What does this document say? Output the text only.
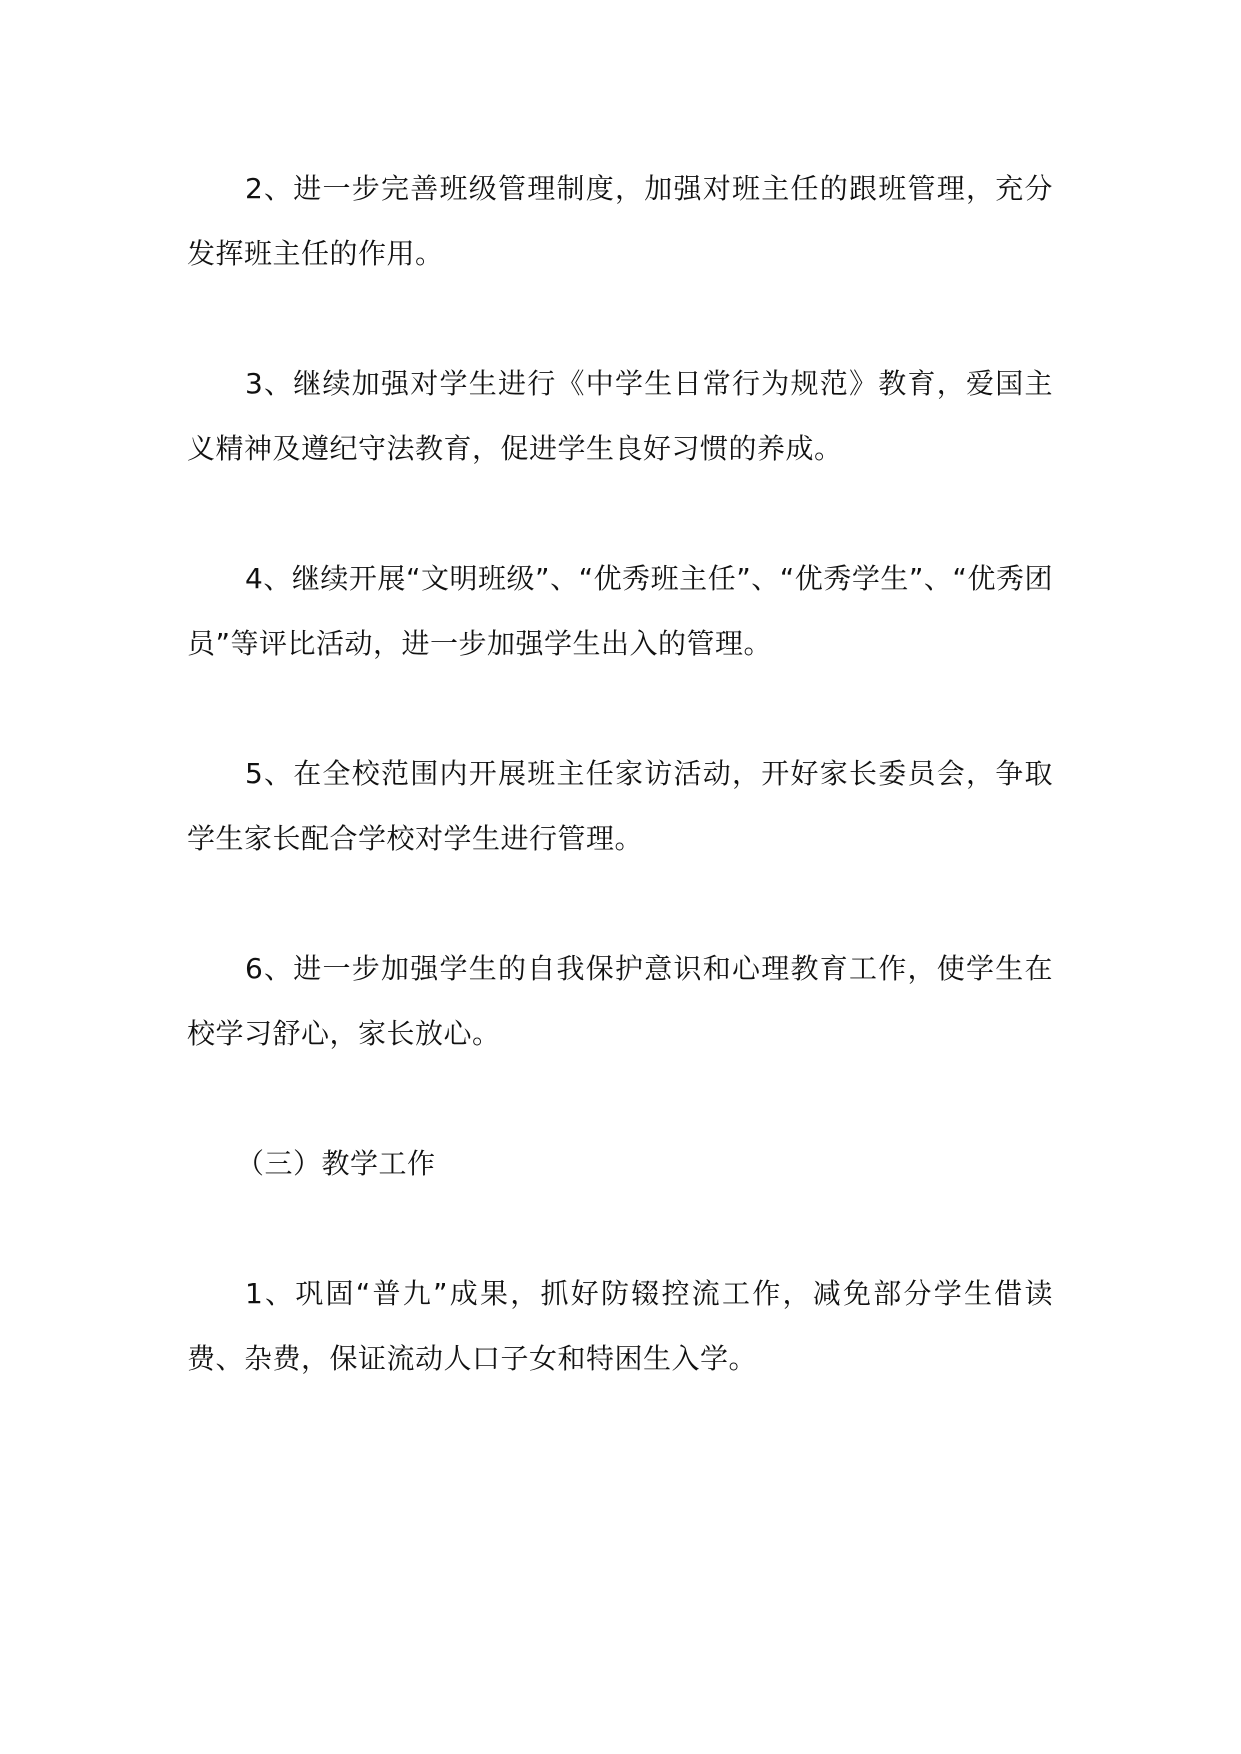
2、进一步完善班级管理制度，加强对班主任的跟班管理，充分发挥班主任的作用。

3、继续加强对学生进行《中学生日常行为规范》教育，爱国主义精神及遵纪守法教育，促进学生良好习惯的养成。

4、继续开展“文明班级”、“优秀班主任”、“优秀学生”、“优秀团员”等评比活动，进一步加强学生出入的管理。

5、在全校范围内开展班主任家访活动，开好家长委员会，争取学生家长配合学校对学生进行管理。

6、进一步加强学生的自我保护意识和心理教育工作，使学生在校学习舒心，家长放心。

（三）教学工作

1、巩固“普九”成果，抓好防辍控流工作，减免部分学生借读费、杂费，保证流动人口子女和特困生入学。
